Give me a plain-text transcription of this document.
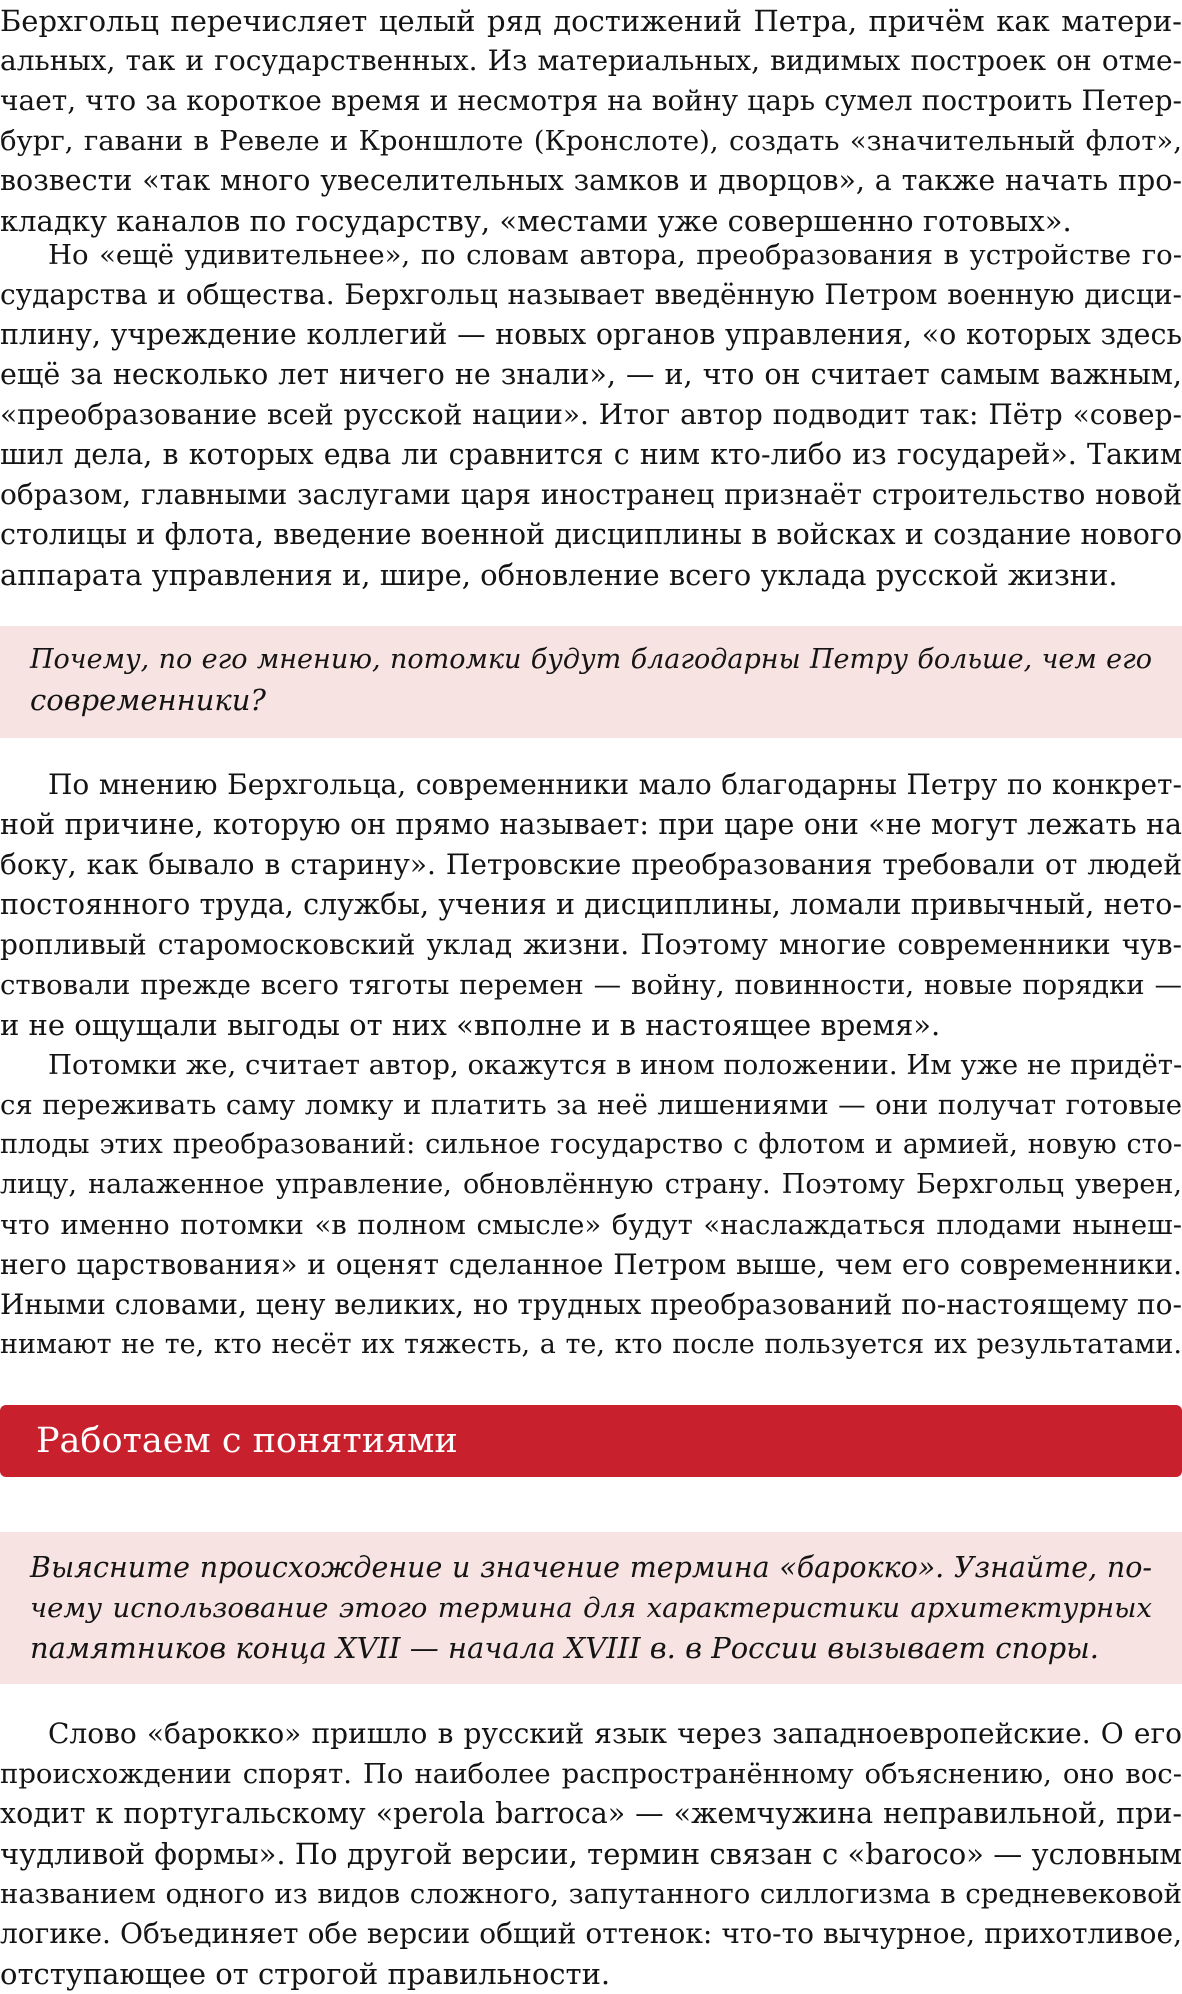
Берхгольц перечисляет целый ряд достижений Петра, причём как матери-
альных, так и государственных. Из материальных, видимых построек он отме-
чает, что за короткое время и несмотря на войну царь сумел построить Петер-
бург, гавани в Ревеле и Кроншлоте (Кронслоте), создать «значительный флот»,
возвести «так много увеселительных замков и дворцов», а также начать про-
кладку каналов по государству, «местами уже совершенно готовых».

Но «ещё удивительнее», по словам автора, преобразования в устройстве го-
сударства и общества. Берхгольц называет введённую Петром военную дисци-
плину, учреждение коллегий — новых органов управления, «о которых здесь
ещё за несколько лет ничего не знали», — и, что он считает самым важным,
«преобразование всей русской нации». Итог автор подводит так: Пётр «совер-
шил дела, в которых едва ли сравнится с ним кто-либо из государей». Таким
образом, главными заслугами царя иностранец признаёт строительство новой
столицы и флота, введение военной дисциплины в войсках и создание нового
аппарата управления и, шире, обновление всего уклада русской жизни.

Почему, по его мнению, потомки будут благодарны Петру больше, чем его
современники?

По мнению Берхгольца, современники мало благодарны Петру по конкрет-
ной причине, которую он прямо называет: при царе они «не могут лежать на
боку, как бывало в старину». Петровские преобразования требовали от людей
постоянного труда, службы, учения и дисциплины, ломали привычный, нето-
ропливый старомосковский уклад жизни. Поэтому многие современники чув-
ствовали прежде всего тяготы перемен — войну, повинности, новые порядки —
и не ощущали выгоды от них «вполне и в настоящее время».

Потомки же, считает автор, окажутся в ином положении. Им уже не придёт-
ся переживать саму ломку и платить за неё лишениями — они получат готовые
плоды этих преобразований: сильное государство с флотом и армией, новую сто-
лицу, налаженное управление, обновлённую страну. Поэтому Берхгольц уверен,
что именно потомки «в полном смысле» будут «наслаждаться плодами нынеш-
него царствования» и оценят сделанное Петром выше, чем его современники.
Иными словами, цену великих, но трудных преобразований по-настоящему по-
нимают не те, кто несёт их тяжесть, а те, кто после пользуется их результатами.

Работаем с понятиями

Выясните происхождение и значение термина «барокко». Узнайте, по-
чему использование этого термина для характеристики архитектурных
памятников конца XVII — начала XVIII в. в России вызывает споры.

Слово «барокко» пришло в русский язык через западноевропейские. О его
происхождении спорят. По наиболее распространённому объяснению, оно вос-
ходит к португальскому «perola barroca» — «жемчужина неправильной, при-
чудливой формы». По другой версии, термин связан с «baroco» — условным
названием одного из видов сложного, запутанного силлогизма в средневековой
логике. Объединяет обе версии общий оттенок: что-то вычурное, прихотливое,
отступающее от строгой правильности.
